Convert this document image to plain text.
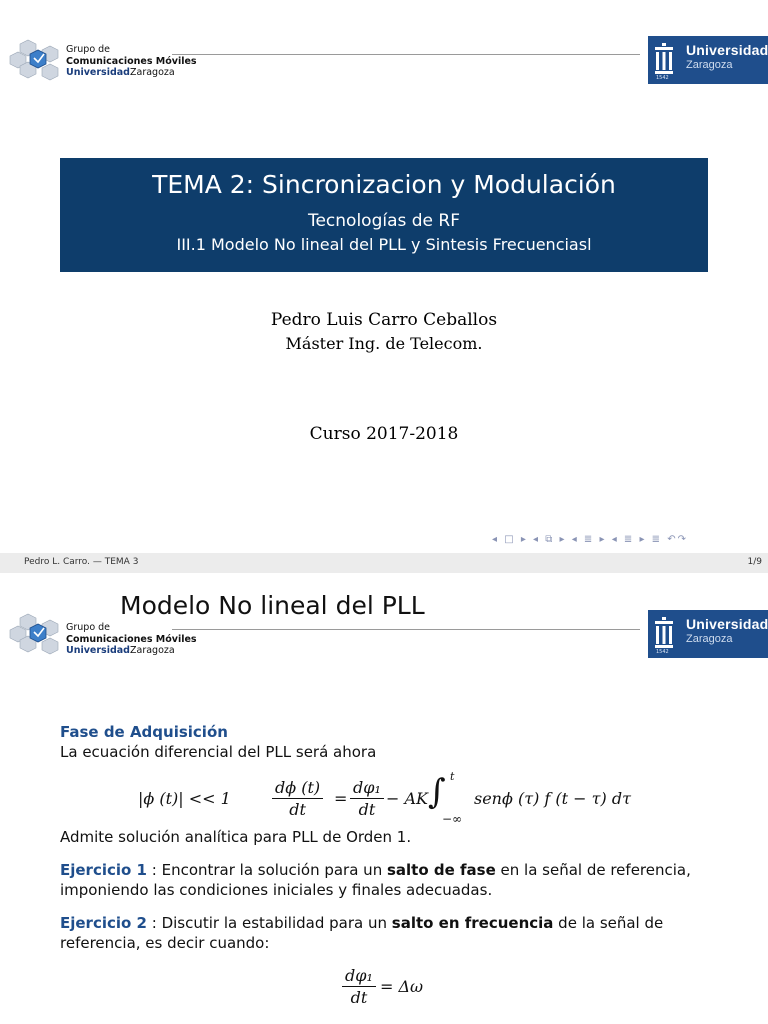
Grupo de
Comunicaciones Móviles
UniversidadZaragoza
Universidad
Zaragoza
1542
TEMA 2: Sincronizacion y Modulación
Tecnologías de RF
III.1 Modelo No lineal del PLL y Sintesis Frecuenciasl
Pedro Luis Carro Ceballos
Máster Ing. de Telecom.
Curso 2017-2018
◂ □ ▸ ◂ ⧉ ▸ ◂ ≣ ▸ ◂ ≣ ▸ ≣ ↶↷
Pedro L. Carro. — TEMA 3	1/9
Grupo de
Comunicaciones Móviles
UniversidadZaragoza
Modelo No lineal del PLL
Universidad
Zaragoza
1542
Fase de Adquisición
La ecuación diferencial del PLL será ahora
|ϕ (t)| << 1	$\frac{d\phi (t)}{dt} = \frac{\text{dφ₁}}{dt}$ − AK ∫ t
−∞
senϕ (τ) f (t − τ) dτ
Admite solución analítica para PLL de Orden 1.
Ejercicio 1 : Encontrar la solución para un salto de fase en la señal de referencia, imponiendo las condiciones iniciales y finales adecuadas.
Ejercicio 2 : Discutir la estabilidad para un salto en frecuencia de la señal de referencia, es decir cuando:
$\frac{\text{dφ₁}}{dt} = \Delta\omega$
